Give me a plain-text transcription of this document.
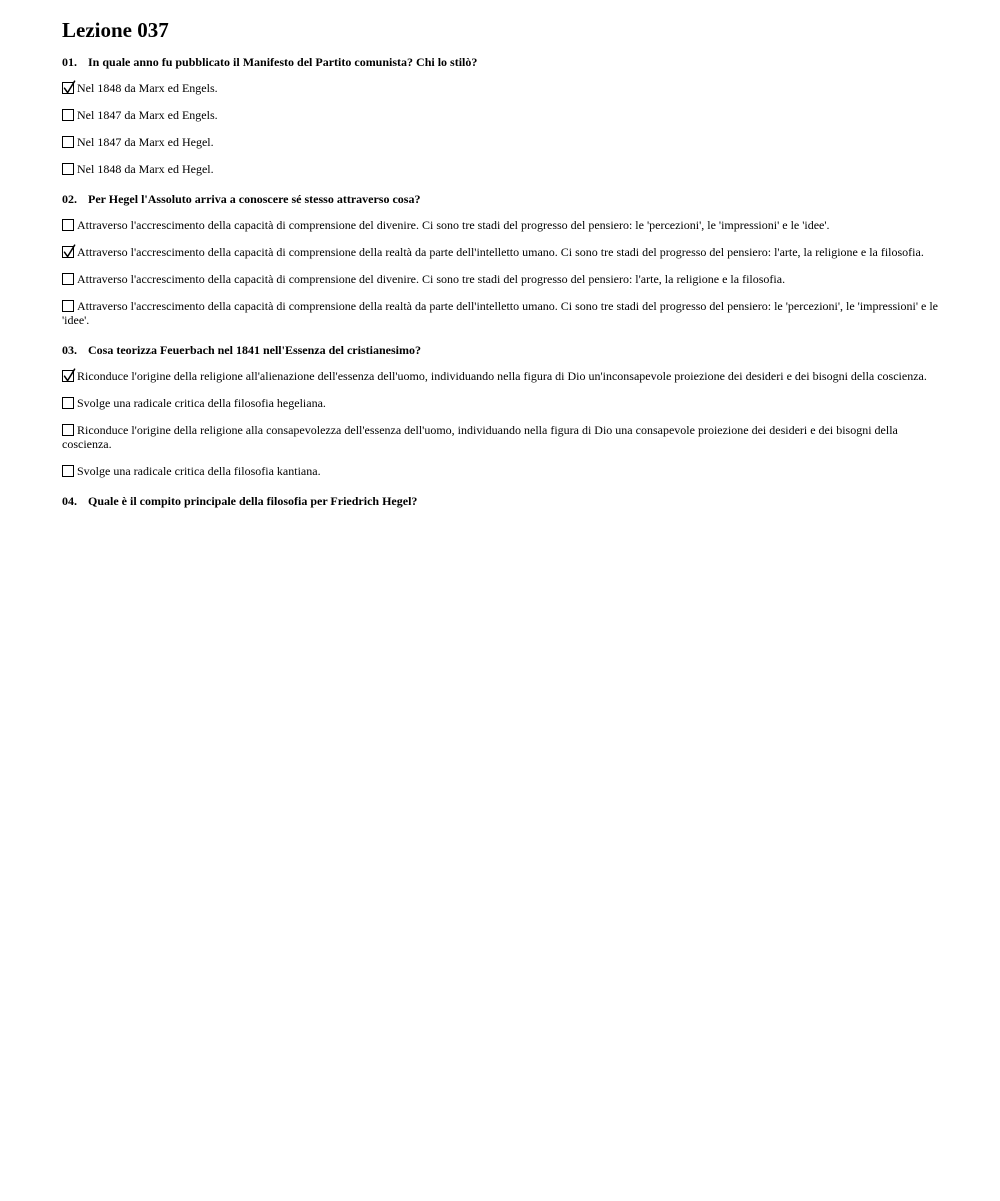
Lezione 037
01. In quale anno fu pubblicato il Manifesto del Partito comunista? Chi lo stilò?
Nel 1848 da Marx ed Engels.
Nel 1847 da Marx ed Engels.
Nel 1847 da Marx ed Hegel.
Nel 1848 da Marx ed Hegel.
02. Per Hegel l'Assoluto arriva a conoscere sé stesso attraverso cosa?
Attraverso l'accrescimento della capacità di comprensione del divenire. Ci sono tre stadi del progresso del pensiero: le 'percezioni', le 'impressioni' e le 'idee'.
Attraverso l'accrescimento della capacità di comprensione della realtà da parte dell'intelletto umano. Ci sono tre stadi del progresso del pensiero: l'arte, la religione e la filosofia.
Attraverso l'accrescimento della capacità di comprensione del divenire. Ci sono tre stadi del progresso del pensiero: l'arte, la religione e la filosofia.
Attraverso l'accrescimento della capacità di comprensione della realtà da parte dell'intelletto umano. Ci sono tre stadi del progresso del pensiero: le 'percezioni', le 'impressioni' e le 'idee'.
03. Cosa teorizza Feuerbach nel 1841 nell'Essenza del cristianesimo?
Riconduce l'origine della religione all'alienazione dell'essenza dell'uomo, individuando nella figura di Dio un'inconsapevole proiezione dei desideri e dei bisogni della coscienza.
Svolge una radicale critica della filosofia hegeliana.
Riconduce l'origine della religione alla consapevolezza dell'essenza dell'uomo, individuando nella figura di Dio una consapevole proiezione dei desideri e dei bisogni della coscienza.
Svolge una radicale critica della filosofia kantiana.
04. Quale è il compito principale della filosofia per Friedrich Hegel?
